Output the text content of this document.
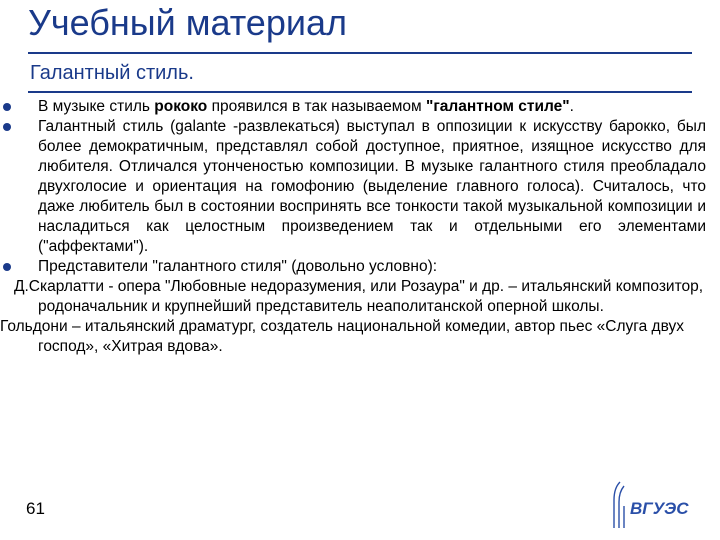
Учебный материал
Галантный стиль.
В музыке стиль рококо проявился в так называемом "галантном стиле".
Галантный стиль (galante -развлекаться) выступал в оппозиции к искусству барокко, был более демократичным, представлял собой доступное, приятное, изящное искусство для любителя. Отличался утонченостью композиции. В музыке галантного стиля преобладало двухголосие и ориентация на гомофонию (выделение главного голоса). Считалось, что даже любитель был в состоянии воспринять все тонкости такой музыкальной композиции и насладиться как целостным произведением так и отдельными его элементами ("аффектами").
Представители "галантного стиля" (довольно условно):

Д.Скарлатти - опера "Любовные недоразумения, или Розаура" и др. – итальянский композитор, родоначальник и крупнейший представитель неаполитанской оперной школы.

Гольдони – итальянский драматург, создатель национальной комедии, автор пьес «Слуга двух господ», «Хитрая вдова».

61	ВГУЭС
